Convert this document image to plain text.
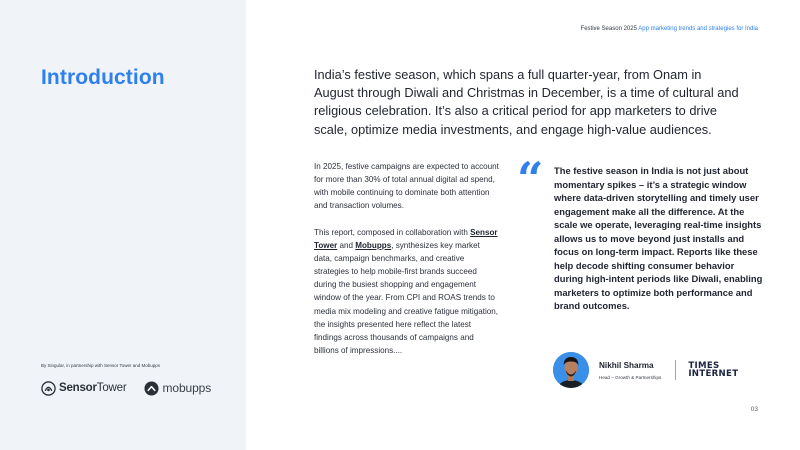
Introduction
By Singular, in partnership with Sensor Tower and Mobupps
SensorTower	mobupps
Festive Season 2025 App marketing trends and strategies for India
India’s festive season, which spans a full quarter-year, from Onam in August through Diwali and Christmas in December, is a time of cultural and religious celebration. It’s also a critical period for app marketers to drive scale, optimize media investments, and engage high-value audiences.

In 2025, festive campaigns are expected to account for more than 30% of total annual digital ad spend, with mobile continuing to dominate both attention and transaction volumes.

This report, composed in collaboration with Sensor Tower and Mobupps, synthesizes key market data, campaign benchmarks, and creative strategies to help mobile-first brands succeed during the busiest shopping and engagement window of the year. From CPI and ROAS trends to media mix modeling and creative fatigue mitigation, the insights presented here reflect the latest findings across thousands of campaigns and billions of impressions....

“ The festive season in India is not just about momentary spikes – it’s a strategic window where data-driven storytelling and timely user engagement make all the difference. At the scale we operate, leveraging real-time insights allows us to move beyond just installs and focus on long-term impact. Reports like these help decode shifting consumer behavior during high-intent periods like Diwali, enabling marketers to optimize both performance and brand outcomes.
Nikhil Sharma
Head – Growth & Partnerships
TIMES
INTERNET
03
